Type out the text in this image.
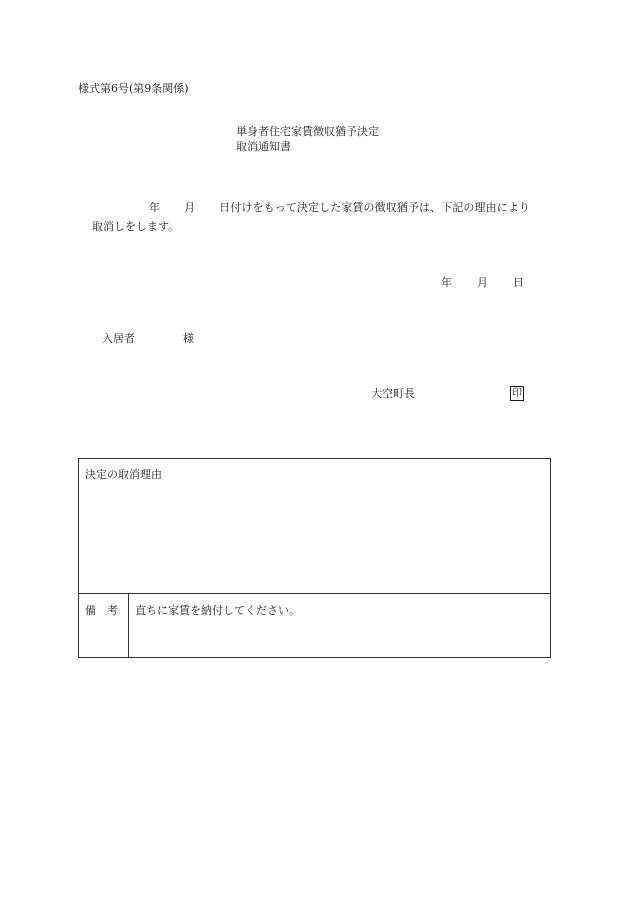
様式第6号(第9条関係)
単身者住宅家賃徴収猶予決定
取消通知書
年 月 日付けをもって決定した家賃の徴収猶予は、下記の理由により
取消しをします。
年 月 日
入居者	様
大空町長	印
決定の取消理由
備　考 直ちに家賃を納付してください。
